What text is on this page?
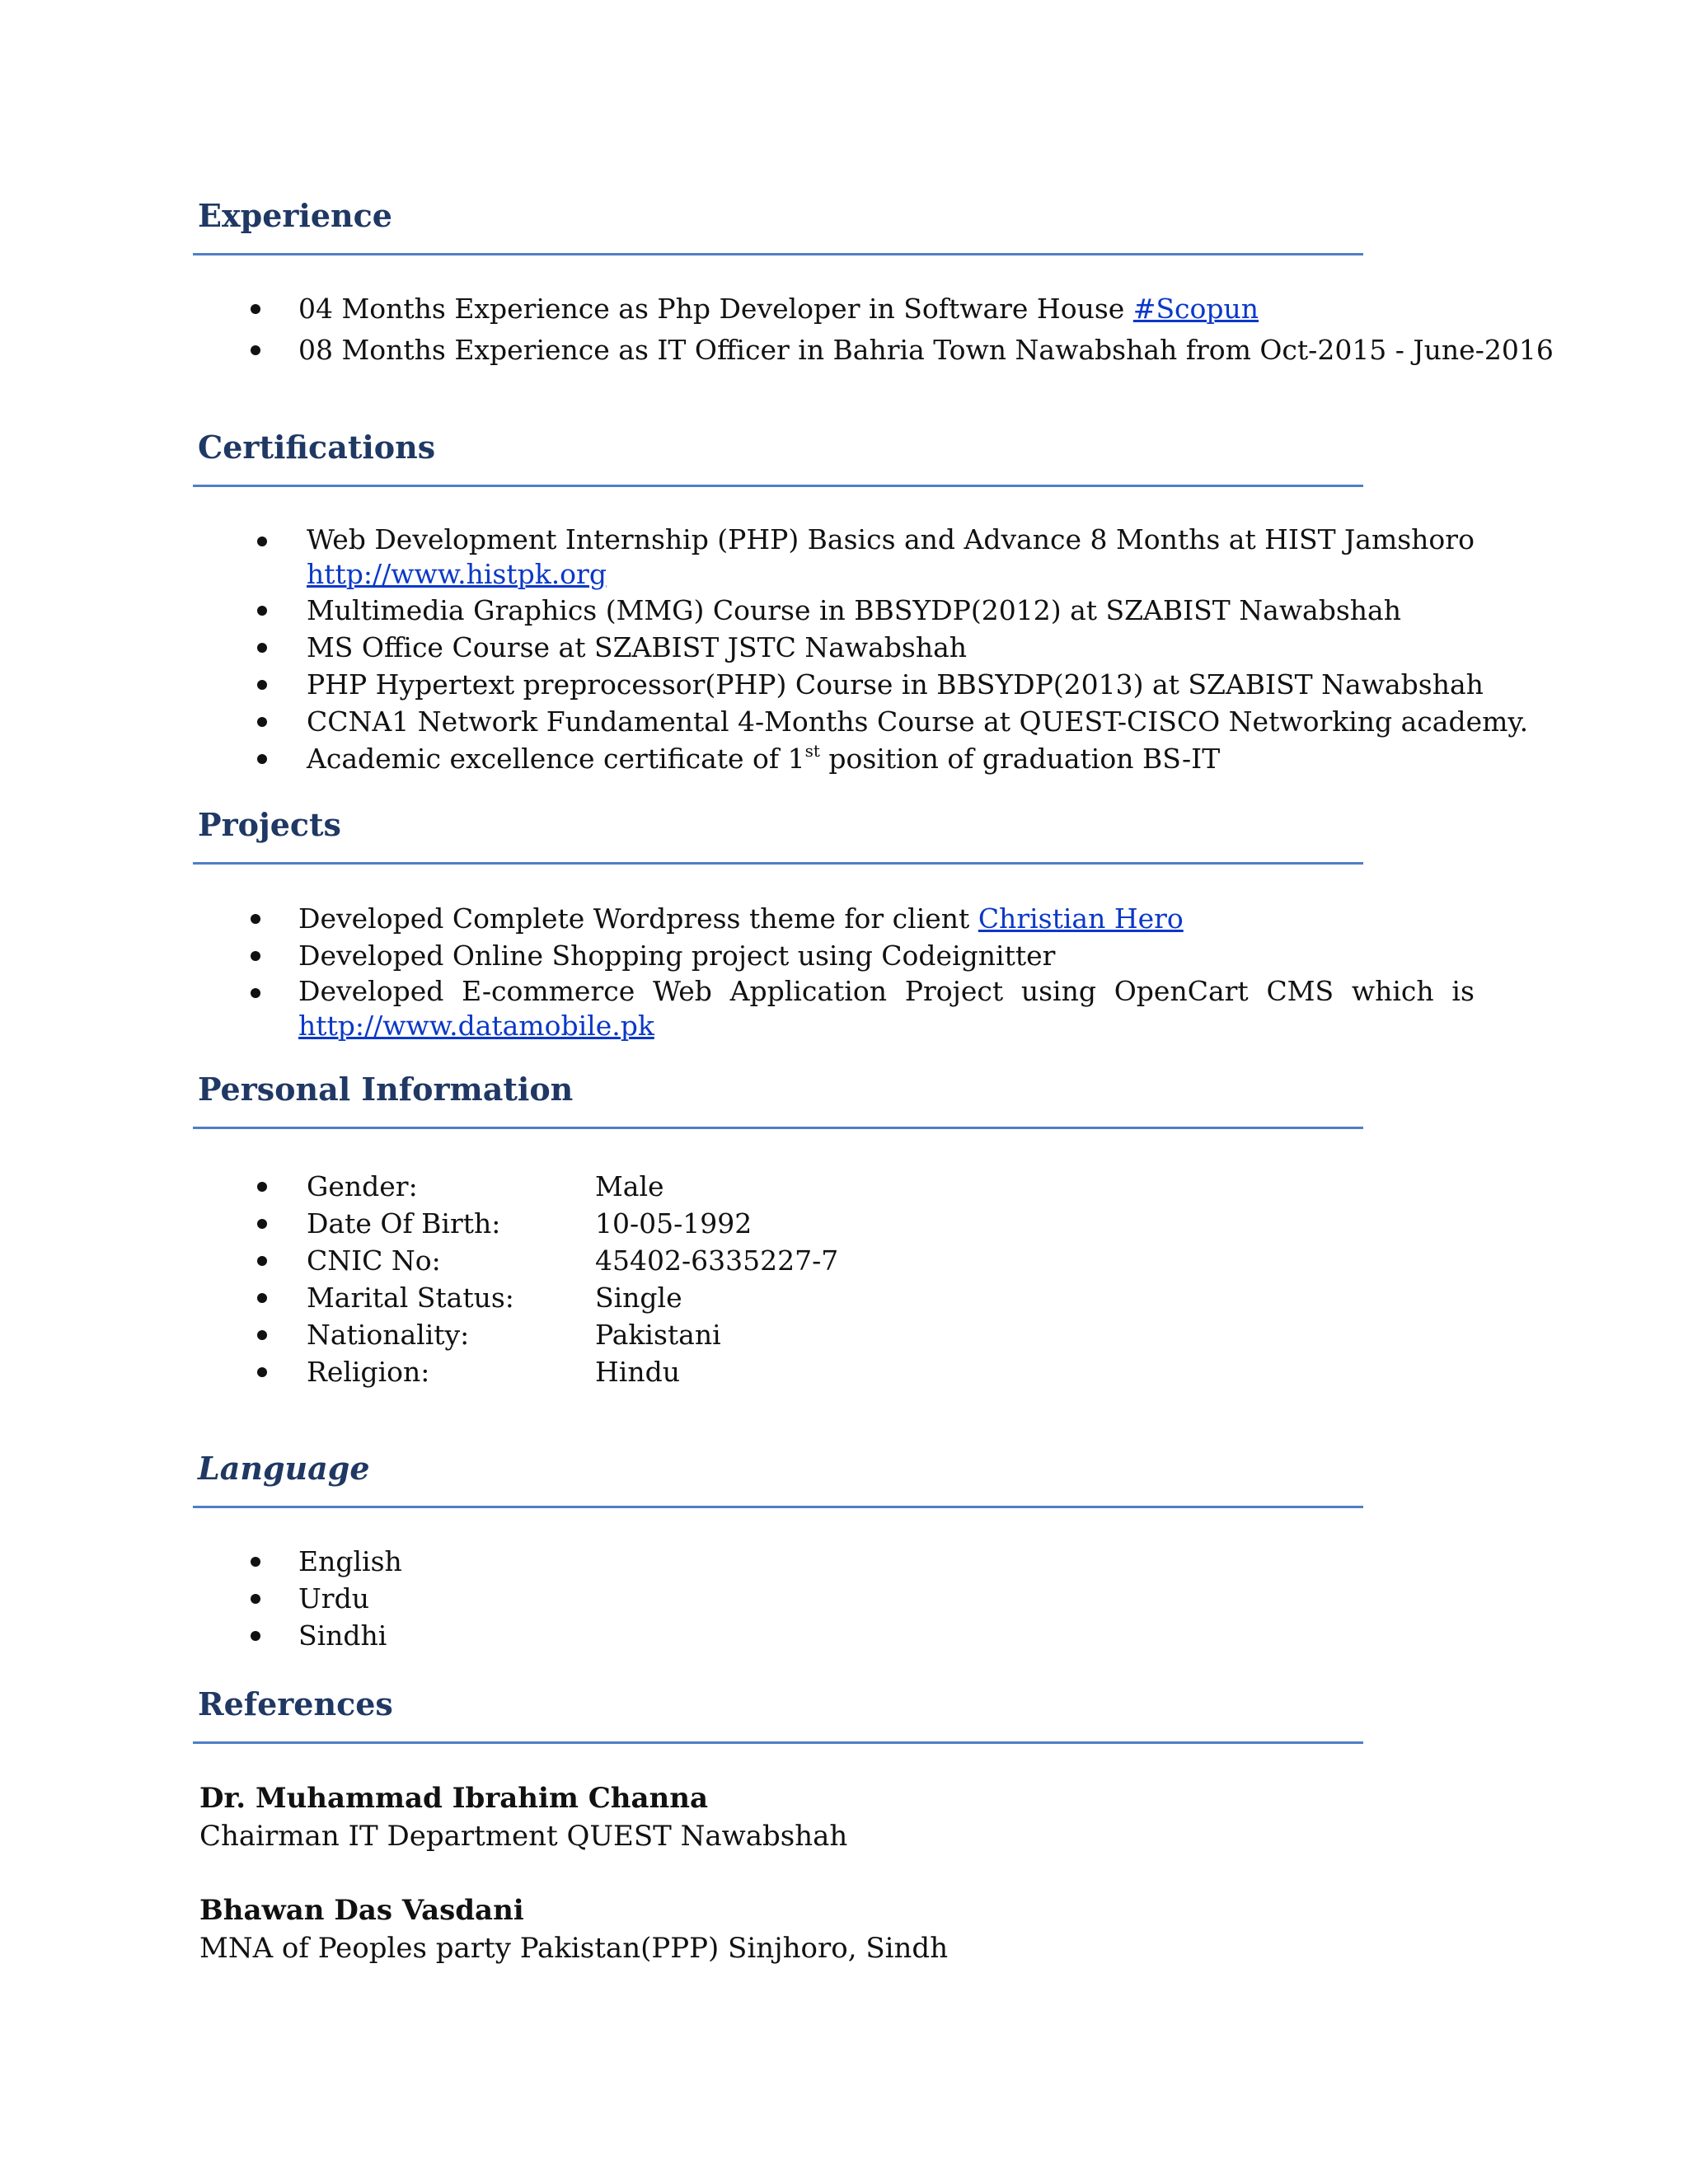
Experience
04 Months Experience as Php Developer in Software House #Scopun
08 Months Experience as IT Officer in Bahria Town Nawabshah from Oct-2015 - June-2016
Certifications
Web Development Internship (PHP) Basics and Advance 8 Months at HIST Jamshoro
http://www.histpk.org
Multimedia Graphics (MMG) Course in BBSYDP(2012) at SZABIST Nawabshah
MS Office Course at SZABIST JSTC Nawabshah
PHP Hypertext preprocessor(PHP) Course in BBSYDP(2013) at SZABIST Nawabshah
CCNA1 Network Fundamental 4-Months Course at QUEST-CISCO Networking academy.
Academic excellence certificate of 1st position of graduation BS-IT
Projects
Developed Complete Wordpress theme for client Christian Hero
Developed Online Shopping project using Codeignitter
Developed E-commerce Web Application Project using OpenCart CMS which is
http://www.datamobile.pk
Personal Information
Gender:	Male
Date Of Birth:	10-05-1992
CNIC No:	45402-6335227-7
Marital Status:	Single
Nationality:	Pakistani
Religion:	Hindu
Language
English
Urdu
Sindhi
References
Dr. Muhammad Ibrahim Channa
Chairman IT Department QUEST Nawabshah
Bhawan Das Vasdani
MNA of Peoples party Pakistan(PPP) Sinjhoro, Sindh
